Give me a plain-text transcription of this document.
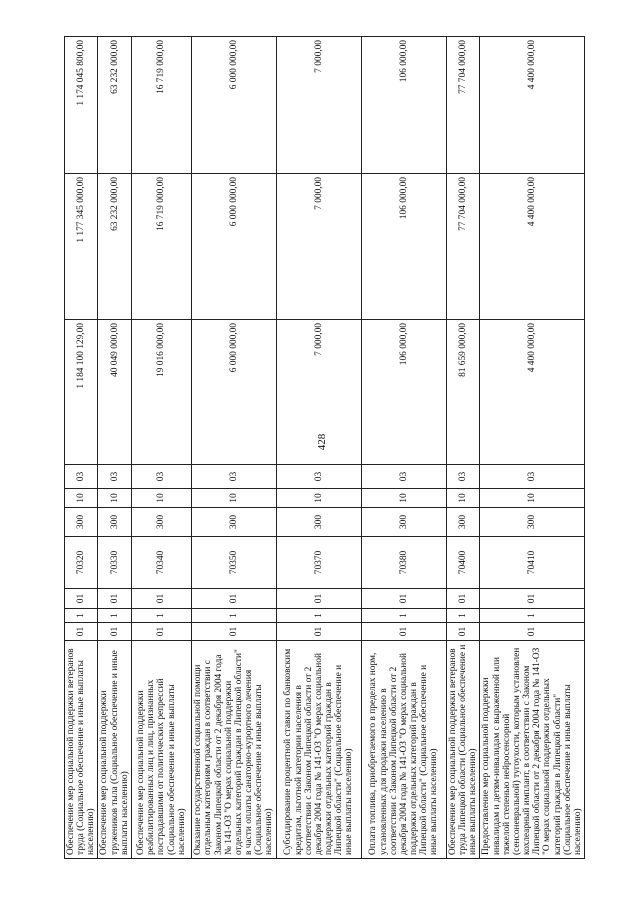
428
Обеспечение мер социальной поддержки ветеранов труда (Социальное обеспечение и иные выплаты населению)	01	1	01	70320	300	10	03	1 184 100 129,00	1 177 345 000,00	1 174 045 800,00
Обеспечение мер социальной поддержки тружеников тыла (Социальное обеспечение и иные выплаты населению)	01	1	01	70330	300	10	03	40 049 000,00	63 232 000,00	63 232 000,00
Обеспечение мер социальной поддержки реабилитированных лиц и лиц, признанных пострадавшими от политических репрессий (Социальное обеспечение и иные выплаты населению)	01	1	01	70340	300	10	03	19 016 000,00	16 719 000,00	16 719 000,00
Оказание государственной социальной помощи отдельным категориям граждан в соответствии с Законом Липецкой области от 2 декабря 2004 года № 141-ОЗ "О мерах социальной поддержки отдельных категорий граждан в Липецкой области" в части оплаты санаторно-курортного лечения (Социальное обеспечение и иные выплаты населению)	01	1	01	70350	300	10	03	6 000 000,00	6 000 000,00	6 000 000,00
Субсидирование процентной ставки по банковским кредитам, льготной категории населения в соответствии с Законом Липецкой области от 2 декабря 2004 года № 141-ОЗ "О мерах социальной поддержки отдельных категорий граждан в Липецкой области" (Социальное обеспечение и иные выплаты населению)	01	1	01	70370	300	10	03	7 000,00	7 000,00	7 000,00
Оплата топлива, приобретаемого в пределах норм, установленных для продажи населению в соответствии с Законом Липецкой области от 2 декабря 2004 года № 141-ОЗ "О мерах социальной поддержки отдельных категорий граждан в Липецкой области" (Социальное обеспечение и иные выплаты населению)	01	1	01	70380	300	10	03	106 000,00	106 000,00	106 000,00
Обеспечение мер социальной поддержки ветеранов труда Липецкой области (Социальное обеспечение и иные выплаты населению)	01	1	01	70400	300	10	03	81 659 000,00	77 704 000,00	77 704 000,00
Предоставление мер социальной поддержки инвалидам и детям-инвалидам с выраженной или тяжелой степенью нейросенсорной (сенсоневральной) тугоухости, которым установлен кохлеарный имплант, в соответствии с Законом Липецкой области от 2 декабря 2004 года № 141-ОЗ "О мерах социальной поддержки отдельных категорий граждан в Липецкой области" (Социальное обеспечение и иные выплаты населению)	01	1	01	70410	300	10	03	4 400 000,00	4 400 000,00	4 400 000,00
